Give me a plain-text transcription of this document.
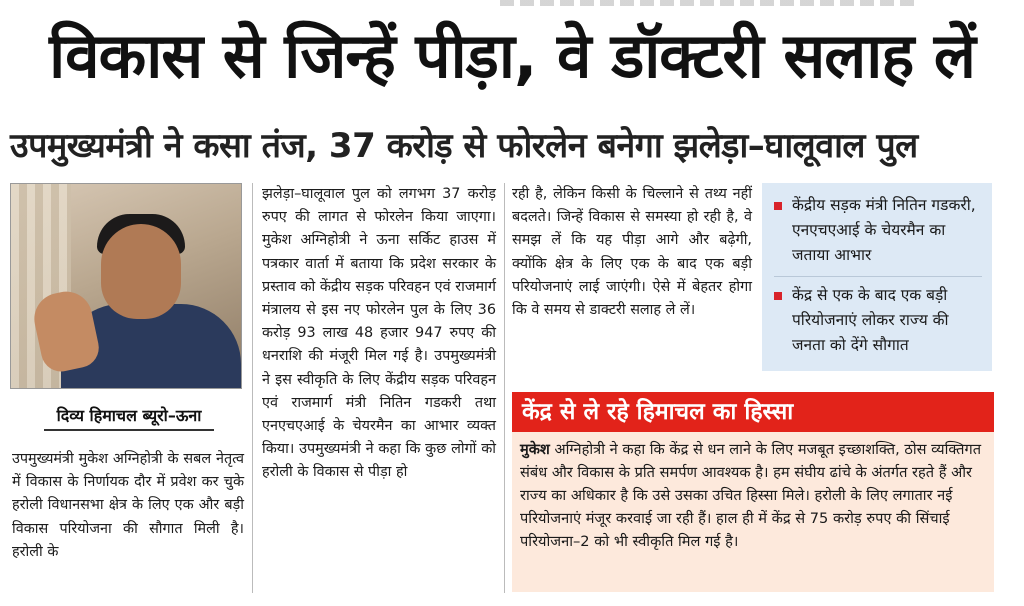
विकास से जिन्हें पीड़ा, वे डॉक्टरी सलाह लें
उपमुख्यमंत्री ने कसा तंज, 37 करोड़ से फोरलेन बनेगा झलेड़ा–घालूवाल पुल
दिव्य हिमाचल ब्यूरो–ऊना

उपमुख्यमंत्री मुकेश अग्निहोत्री के सबल नेतृत्व में विकास के निर्णायक दौर में प्रवेश कर चुके हरोली विधानसभा क्षेत्र के लिए एक और बड़ी विकास परियोजना की सौगात मिली है। हरोली के

झलेड़ा–घालूवाल पुल को लगभग 37 करोड़ रुपए की लागत से फोरलेन किया जाएगा। मुकेश अग्निहोत्री ने ऊना सर्किट हाउस में पत्रकार वार्ता में बताया कि प्रदेश सरकार के प्रस्ताव को केंद्रीय सड़क परिवहन एवं राजमार्ग मंत्रालय से इस नए फोरलेन पुल के लिए 36 करोड़ 93 लाख 48 हजार 947 रुपए की धनराशि की मंजूरी मिल गई है। उपमुख्यमंत्री ने इस स्वीकृति के लिए केंद्रीय सड़क परिवहन एवं राजमार्ग मंत्री नितिन गडकरी तथा एनएचएआई के चेयरमैन का आभार व्यक्त किया। उपमुख्यमंत्री ने कहा कि कुछ लोगों को हरोली के विकास से पीड़ा हो

रही है, लेकिन किसी के चिल्लाने से तथ्य नहीं बदलते। जिन्हें विकास से समस्या हो रही है, वे समझ लें कि यह पीड़ा आगे और बढ़ेगी, क्योंकि क्षेत्र के लिए एक के बाद एक बड़ी परियोजनाएं लाई जाएंगी। ऐसे में बेहतर होगा कि वे समय से डाक्टरी सलाह ले लें।

केंद्रीय सड़क मंत्री नितिन गडकरी, एनएचएआई के चेयरमैन का जताया आभार
केंद्र से एक के बाद एक बड़ी परियोजनाएं लोकर राज्य की जनता को देंगे सौगात
केंद्र से ले रहे हिमाचल का हिस्सा
मुकेश अग्निहोत्री ने कहा कि केंद्र से धन लाने के लिए मजबूत इच्छाशक्ति, ठोस व्यक्तिगत संबंध और विकास के प्रति समर्पण आवश्यक है। हम संघीय ढांचे के अंतर्गत रहते हैं और राज्य का अधिकार है कि उसे उसका उचित हिस्सा मिले। हरोली के लिए लगातार नई परियोजनाएं मंजूर करवाई जा रही हैं। हाल ही में केंद्र से 75 करोड़ रुपए की सिंचाई परियोजना–2 को भी स्वीकृति मिल गई है।
